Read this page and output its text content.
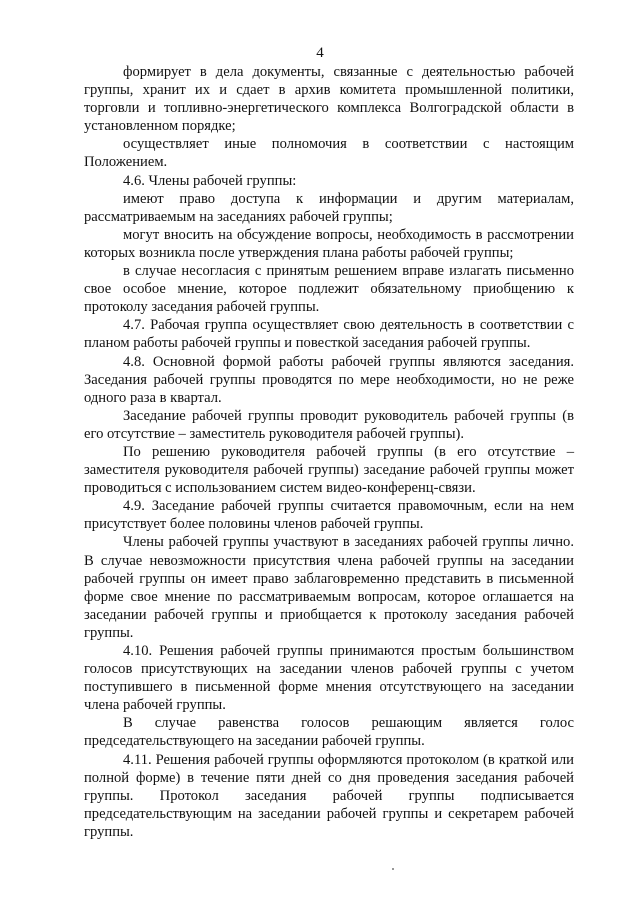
4

формирует в дела документы, связанные с деятельностью рабочей группы, хранит их и сдает в архив комитета промышленной политики, торговли и топливно-энергетического комплекса Волгоградской области в установленном порядке;

осуществляет иные полномочия в соответствии с настоящим Положением.

4.6. Члены рабочей группы:

имеют право доступа к информации и другим материалам, рассматриваемым на заседаниях рабочей группы;

могут вносить на обсуждение вопросы, необходимость в рассмотрении которых возникла после утверждения плана работы рабочей группы;

в случае несогласия с принятым решением вправе излагать письменно свое особое мнение, которое подлежит обязательному приобщению к протоколу заседания рабочей группы.

4.7. Рабочая группа осуществляет свою деятельность в соответствии с планом работы рабочей группы и повесткой заседания рабочей группы.

4.8. Основной формой работы рабочей группы являются заседания. Заседания рабочей группы проводятся по мере необходимости, но не реже одного раза в квартал.

Заседание рабочей группы проводит руководитель рабочей группы (в его отсутствие – заместитель руководителя рабочей группы).

По решению руководителя рабочей группы (в его отсутствие – заместителя руководителя рабочей группы) заседание рабочей группы может проводиться с использованием систем видео-конференц-связи.

4.9. Заседание рабочей группы считается правомочным, если на нем присутствует более половины членов рабочей группы.

Члены рабочей группы участвуют в заседаниях рабочей группы лично. В случае невозможности присутствия члена рабочей группы на заседании рабочей группы он имеет право заблаговременно представить в письменной форме свое мнение по рассматриваемым вопросам, которое оглашается на заседании рабочей группы и приобщается к протоколу заседания рабочей группы.

4.10. Решения рабочей группы принимаются простым большинством голосов присутствующих на заседании членов рабочей группы с учетом поступившего в письменной форме мнения отсутствующего на заседании члена рабочей группы.

В случае равенства голосов решающим является голос председательствующего на заседании рабочей группы.

4.11. Решения рабочей группы оформляются протоколом (в краткой или полной форме) в течение пяти дней со дня проведения заседания рабочей группы. Протокол заседания рабочей группы подписывается председательствующим на заседании рабочей группы и секретарем рабочей группы.
